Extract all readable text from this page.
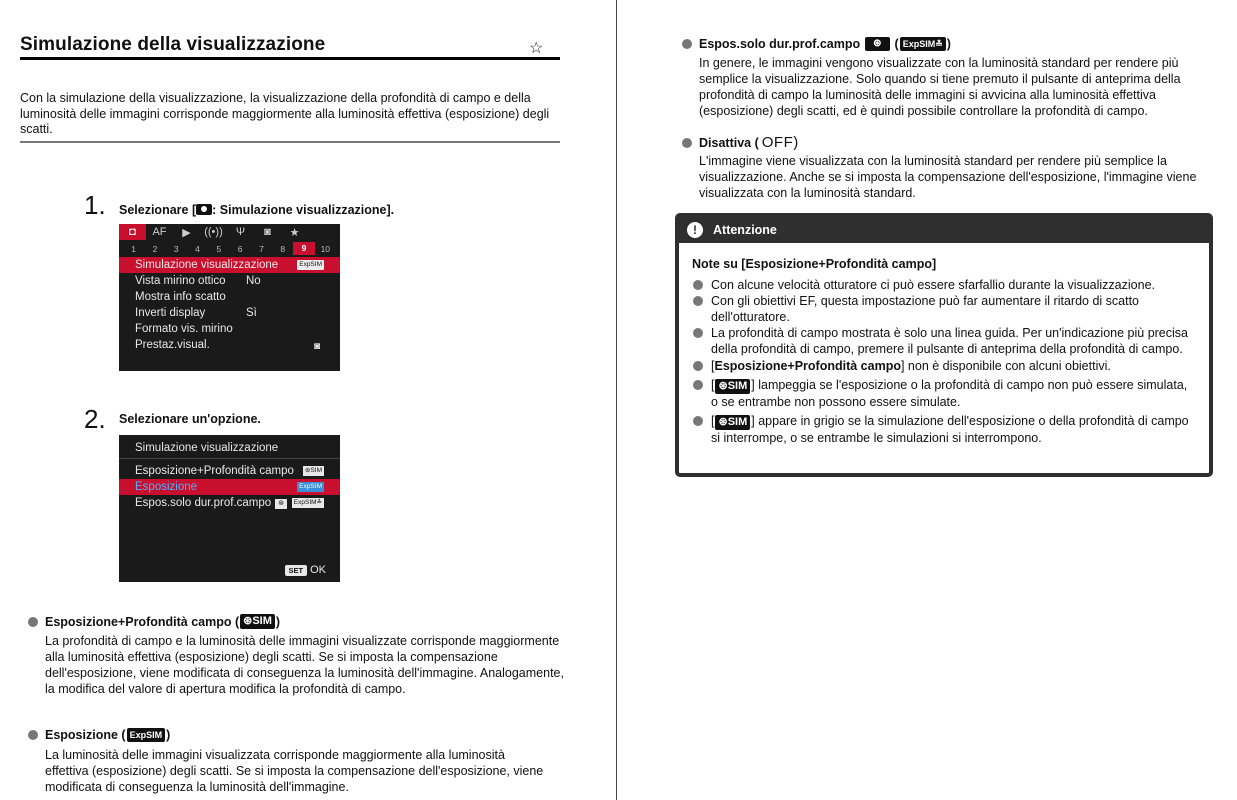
Simulazione della visualizzazione	☆
Con la simulazione della visualizzazione, la visualizzazione della profondità di campo e della luminosità delle immagini corrisponde maggiormente alla luminosità effettiva (esposizione) degli scatti.
1. Selezionare [ : Simulazione visualizzazione].
◘	AF	▶	((•))	Ψ	◙	★
1	2	3	4	5	6	7	8	9	10
Simulazione visualizzazione	ExpSIM
Vista mirino ottico No
Mostra info scatto
Inverti display	Sì
Formato vis. mirino
Prestaz.visual.	◙
2. Selezionare un'opzione.
Simulazione visualizzazione
Esposizione+Profondità campo	⊛SIM
Esposizione	ExpSIM
Espos.solo dur.prof.campo ⊛	ExpSIM≛
SET OK
Esposizione+Profondità campo ( ⊛SIM )
La profondità di campo e la luminosità delle immagini visualizzate corrisponde maggiormente alla luminosità effettiva (esposizione) degli scatti. Se si imposta la compensazione dell'esposizione, viene modificata di conseguenza la luminosità dell'immagine. Analogamente, la modifica del valore di apertura modifica la profondità di campo.
Esposizione ( ExpSIM )
La luminosità delle immagini visualizzata corrisponde maggiormente alla luminosità effettiva (esposizione) degli scatti. Se si imposta la compensazione dell'esposizione, viene modificata di conseguenza la luminosità dell'immagine.
Espos.solo dur.prof.campo	⊛	( ExpSIM≛ )
In genere, le immagini vengono visualizzate con la luminosità standard per rendere più semplice la visualizzazione. Solo quando si tiene premuto il pulsante di anteprima della profondità di campo la luminosità delle immagini si avvicina alla luminosità effettiva (esposizione) degli scatti, ed è quindi possibile controllare la profondità di campo.
Disattiva ( OFF )
L'immagine viene visualizzata con la luminosità standard per rendere più semplice la visualizzazione. Anche se si imposta la compensazione dell'esposizione, l'immagine viene visualizzata con la luminosità standard.
!	Attenzione
Note su [Esposizione+Profondità campo]
Con alcune velocità otturatore ci può essere sfarfallio durante la visualizzazione.
Con gli obiettivi EF, questa impostazione può far aumentare il ritardo di scatto dell'otturatore.
La profondità di campo mostrata è solo una linea guida. Per un'indicazione più precisa della profondità di campo, premere il pulsante di anteprima della profondità di campo.
[Esposizione+Profondità campo] non è disponibile con alcuni obiettivi.
[ ⊛SIM ] lampeggia se l'esposizione o la profondità di campo non può essere simulata, o se entrambe non possono essere simulate.
[ ⊛SIM ] appare in grigio se la simulazione dell'esposizione o della profondità di campo si interrompe, o se entrambe le simulazioni si interrompono.
